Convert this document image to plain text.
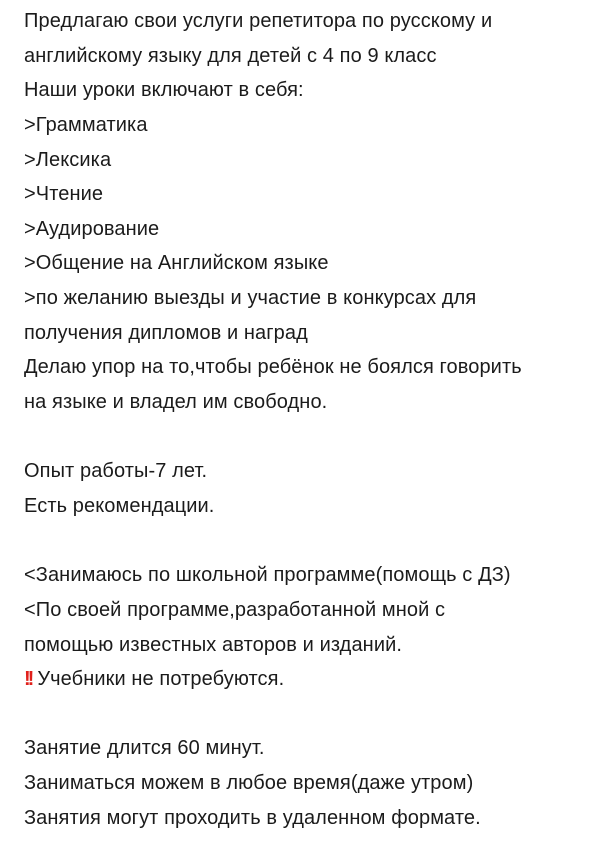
Предлагаю свои услуги репетитора по русскому и
английскому языку для детей с 4 по 9 класс
Наши уроки включают в себя:
>Грамматика
>Лексика
>Чтение
>Аудирование
>Общение на Английском языке
>по желанию выезды и участие в конкурсах для
получения дипломов и наград
Делаю упор на то,чтобы ребёнок не боялся говорить
на языке и владел им свободно.
Опыт работы-7 лет.
Есть рекомендации.
<Занимаюсь по школьной программе(помощь с ДЗ)
<По своей программе,разработанной мной с
помощью известных авторов и изданий.
!! Учебники не потребуются.
Занятие длится 60 минут.
Заниматься можем в любое время(даже утром)
Занятия могут проходить в удаленном формате.
